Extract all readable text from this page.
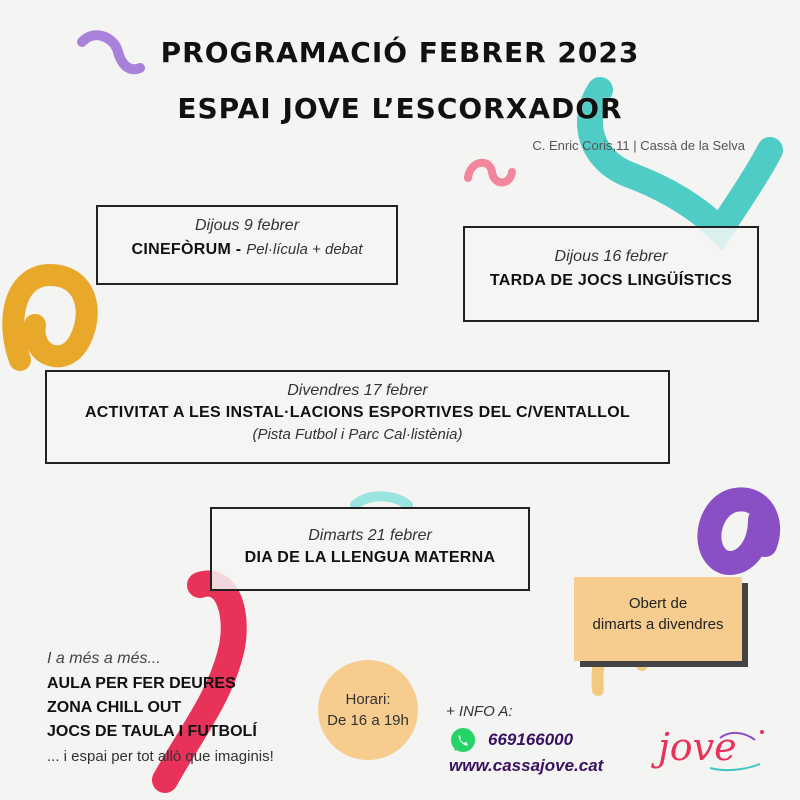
PROGRAMACIÓ FEBRER 2023
ESPAI JOVE L’ESCORXADOR
C. Enric Coris,11 | Cassà de la Selva
Dijous 9 febrer
CINEFÒRUM - Pel·lícula + debat	Dijous 16 febrer
TARDA DE JOCS LINGÜÍSTICS
Divendres 17 febrer
ACTIVITAT A LES INSTAL·LACIONS ESPORTIVES DEL C/VENTALLOL
(Pista Futbol i Parc Cal·listènia)
Dimarts 21 febrer
DIA DE LA LLENGUA MATERNA
Obert de
dimarts a divendres
I a més a més...
AULA PER FER DEURES
ZONA CHILL OUT
JOCS DE TAULA I FUTBOLÍ
... i espai per tot allò que imaginis!
Horari:
De 16 a 19h
+ INFO A:
669166000
www.cassajove.cat jove
